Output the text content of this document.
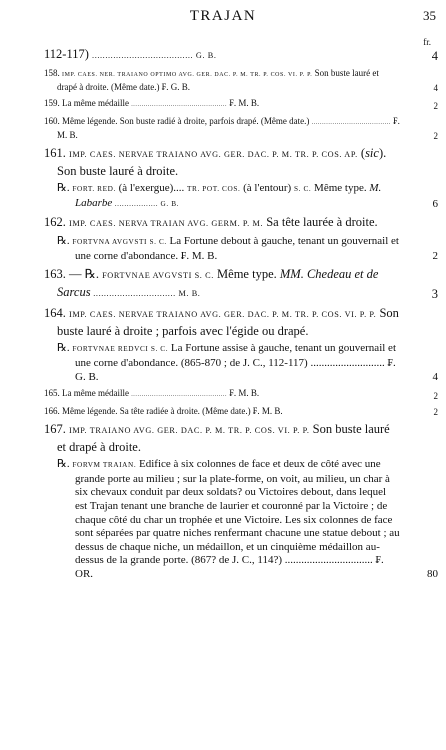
TRAJAN	35
fr.
112-117) ...................................... G. B.	4
158. IMP. CAES. NER. TRAIANO OPTIMO AVG. GER. DAC. P. M. TR. P. COS. VI. P. P. Son buste lauré et drapé à droite. (Même date.) ₣. G. B.	4
159. La même médaille .............................................. ₣. M. B.	2
160. Même légende. Son buste radié à droite, parfois drapé. (Même date.) ...................................... ₣. M. B.	2
161. IMP. CAES. NERVAE TRAIANO AVG. GER. DAC. P. M. TR. P. COS. AP. (sic). Son buste lauré à droite.
℞. FORT. RED. (à l'exergue).... TR. POT. COS. (à l'entour) S. C. Même type. M. Labarbe .................. G. B.	6
162. IMP. CAES. NERVA TRAIAN AVG. GERM. P. M. Sa tête laurée à droite.
℞. FORTVNA AVGVSTI S. C. La Fortune debout à gauche, tenant un gouvernail et une corne d'abondance. ₣. M. B.	2
163. — ℞. FORTVNAE AVGVSTI S. C. Même type. MM. Chedeau et de Sarcus ............................... M. B.	3
164. IMP. CAES. NERVAE TRAIANO AVG. GER. DAC. P. M. TR. P. COS. VI. P. P. Son buste lauré à droite ; parfois avec l'égide ou drapé.
℞. FORTVNAE REDVCI S. C. La Fortune assise à gauche, tenant un gouvernail et une corne d'abondance. (865-870 ; de J. C., 112-117) ........................... ₣. G. B.	4
165. La même médaille .............................................. ₣. M. B.	2
166. Même légende. Sa tête radiée à droite. (Même date.) ₣. M. B.	2
167. IMP. TRAIANO AVG. GER. DAC. P. M. TR. P. COS. VI. P. P. Son buste lauré et drapé à droite.
℞. FORVM TRAIAN. Edifice à six colonnes de face et deux de côté avec une grande porte au milieu ; sur la plate-forme, on voit, au milieu, un char à six chevaux conduit par deux soldats? ou Victoires debout, dans lequel est Trajan tenant une branche de laurier et couronné par la Victoire ; de chaque côté du char un trophée et une Victoire. Les six colonnes de face sont séparées par quatre niches renfermant chacune une statue debout ; au dessus de chaque niche, un médaillon, et un cinquième médaillon au-dessus de la grande porte. (867? de J. C., 114?) ................................ ₣. OR.	80
